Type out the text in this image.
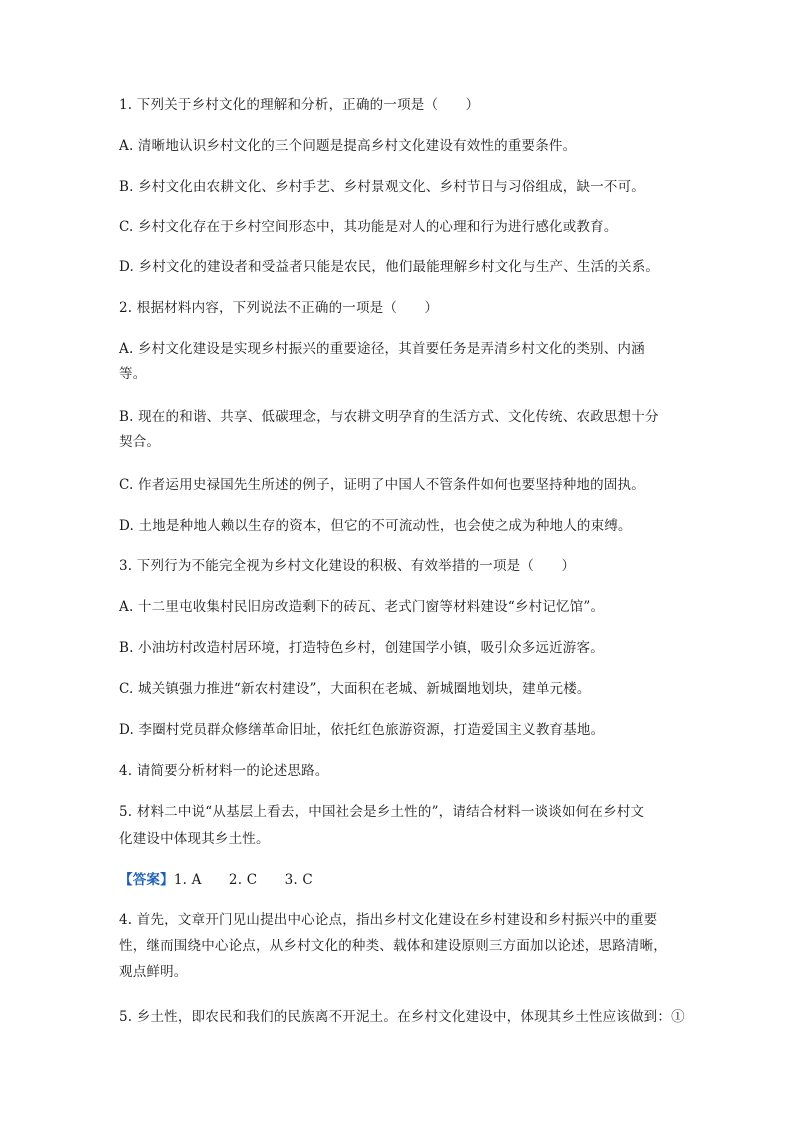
1. 下列关于乡村文化的理解和分析，正确的一项是（　　）
A. 清晰地认识乡村文化的三个问题是提高乡村文化建设有效性的重要条件。
B. 乡村文化由农耕文化、乡村手艺、乡村景观文化、乡村节日与习俗组成，缺一不可。
C. 乡村文化存在于乡村空间形态中，其功能是对人的心理和行为进行感化或教育。
D. 乡村文化的建设者和受益者只能是农民，他们最能理解乡村文化与生产、生活的关系。
2. 根据材料内容，下列说法不正确的一项是（　　）
A. 乡村文化建设是实现乡村振兴的重要途径，其首要任务是弄清乡村文化的类别、内涵
等。
B. 现在的和谐、共享、低碳理念，与农耕文明孕育的生活方式、文化传统、农政思想十分
契合。
C. 作者运用史禄国先生所述的例子，证明了中国人不管条件如何也要坚持种地的固执。
D. 土地是种地人赖以生存的资本，但它的不可流动性，也会使之成为种地人的束缚。
3. 下列行为不能完全视为乡村文化建设的积极、有效举措的一项是（　　）
A. 十二里屯收集村民旧房改造剩下的砖瓦、老式门窗等材料建设“乡村记忆馆”。
B. 小油坊村改造村居环境，打造特色乡村，创建国学小镇，吸引众多远近游客。
C. 城关镇强力推进“新农村建设”，大面积在老城、新城圈地划块，建单元楼。
D. 李圈村党员群众修缮革命旧址，依托红色旅游资源，打造爱国主义教育基地。
4. 请简要分析材料一的论述思路。
5. 材料二中说“从基层上看去，中国社会是乡土性的”，请结合材料一谈谈如何在乡村文
化建设中体现其乡土性。
【答案】1. A　　2. C　　3. C
4. 首先，文章开门见山提出中心论点，指出乡村文化建设在乡村建设和乡村振兴中的重要
性，继而围绕中心论点，从乡村文化的种类、载体和建设原则三方面加以论述，思路清晰，
观点鲜明。
5. 乡土性，即农民和我们的民族离不开泥土。在乡村文化建设中，体现其乡土性应该做到：①
